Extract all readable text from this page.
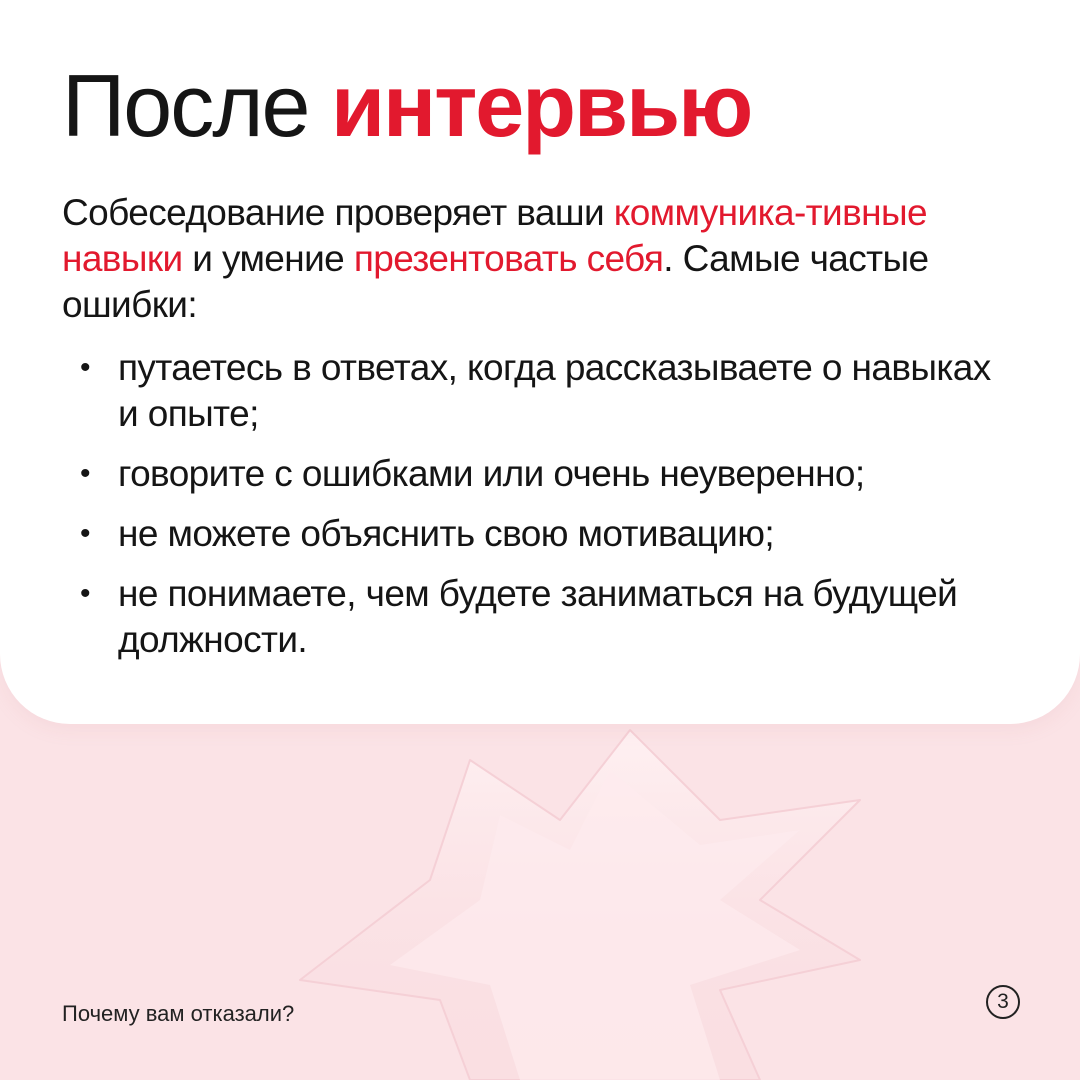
После интервью

Собеседование проверяет ваши коммуника-тивные навыки и умение презентовать себя. Самые частые ошибки:

• путаетесь в ответах, когда рассказываете о навыках и опыте;
• говорите с ошибками или очень неуверенно;
• не можете объяснить свою мотивацию;
• не понимаете, чем будете заниматься на будущей должности.
Почему вам отказали?	3
